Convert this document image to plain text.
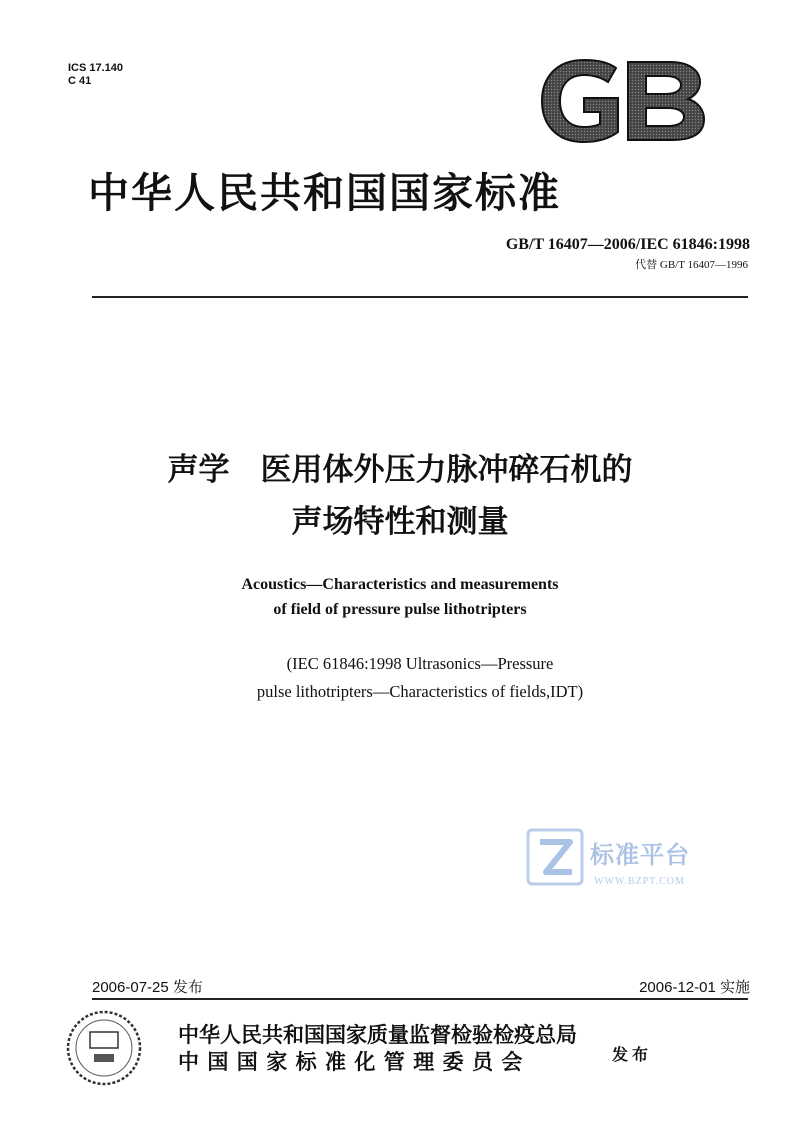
ICS 17.140
C 41
中华人民共和国国家标准
GB/T 16407—2006/IEC 61846:1998
代替 GB/T 16407—1996
声学　医用体外压力脉冲碎石机的
声场特性和测量
Acoustics—Characteristics and measurements
of field of pressure pulse lithotripters
(IEC 61846:1998 Ultrasonics—Pressure
pulse lithotripters—Characteristics of fields,IDT)
标准平台
WWW.BZPT.COM
2006-07-25 发布	2006-12-01 实施
中华人民共和国国家质量监督检验检疫总局
中国国家标准化管理委员会	发布
